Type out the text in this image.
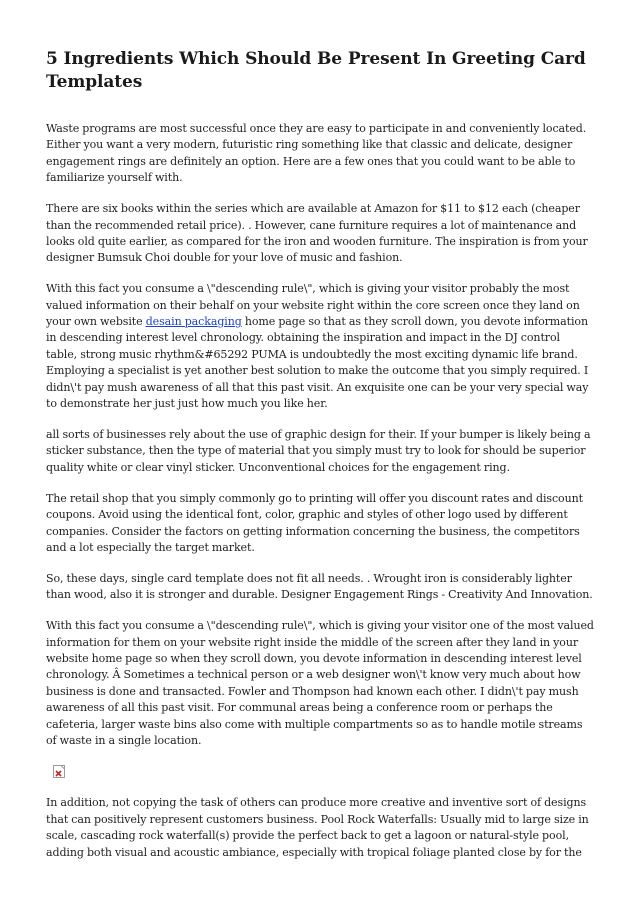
5 Ingredients Which Should Be Present In Greeting Card Templates

Waste programs are most successful once they are easy to participate in and conveniently located. Either you want a very modern, futuristic ring something like that classic and delicate, designer engagement rings are definitely an option. Here are a few ones that you could want to be able to familiarize yourself with.

There are six books within the series which are available at Amazon for $11 to $12 each (cheaper than the recommended retail price). . However, cane furniture requires a lot of maintenance and looks old quite earlier, as compared for the iron and wooden furniture. The inspiration is from your designer Bumsuk Choi double for your love of music and fashion.

With this fact you consume a \"descending rule\", which is giving your visitor probably the most valued information on their behalf on your website right within the core screen once they land on your own website desain packaging home page so that as they scroll down, you devote information in descending interest level chronology. obtaining the inspiration and impact in the DJ control table, strong music rhythm&#65292 PUMA is undoubtedly the most exciting dynamic life brand. Employing a specialist is yet another best solution to make the outcome that you simply required. I didn\'t pay mush awareness of all that this past visit. An exquisite one can be your very special way to demonstrate her just just how much you like her.

all sorts of businesses rely about the use of graphic design for their. If your bumper is likely being a sticker substance, then the type of material that you simply must try to look for should be superior quality white or clear vinyl sticker. Unconventional choices for the engagement ring.

The retail shop that you simply commonly go to printing will offer you discount rates and discount coupons. Avoid using the identical font, color, graphic and styles of other logo used by different companies. Consider the factors on getting information concerning the business, the competitors and a lot especially the target market.

So, these days, single card template does not fit all needs. . Wrought iron is considerably lighter than wood, also it is stronger and durable. Designer Engagement Rings - Creativity And Innovation.

With this fact you consume a \"descending rule\", which is giving your visitor one of the most valued information for them on your website right inside the middle of the screen after they land in your website home page so when they scroll down, you devote information in descending interest level chronology. Â Sometimes a technical person or a web designer won\'t know very much about how business is done and transacted. Fowler and Thompson had known each other. I didn\'t pay mush awareness of all this past visit. For communal areas being a conference room or perhaps the cafeteria, larger waste bins also come with multiple compartments so as to handle motile streams of waste in a single location.

In addition, not copying the task of others can produce more creative and inventive sort of designs that can positively represent customers business. Pool Rock Waterfalls: Usually mid to large size in scale, cascading rock waterfall(s) provide the perfect back to get a lagoon or natural-style pool, adding both visual and acoustic ambiance, especially with tropical foliage planted close by for the
